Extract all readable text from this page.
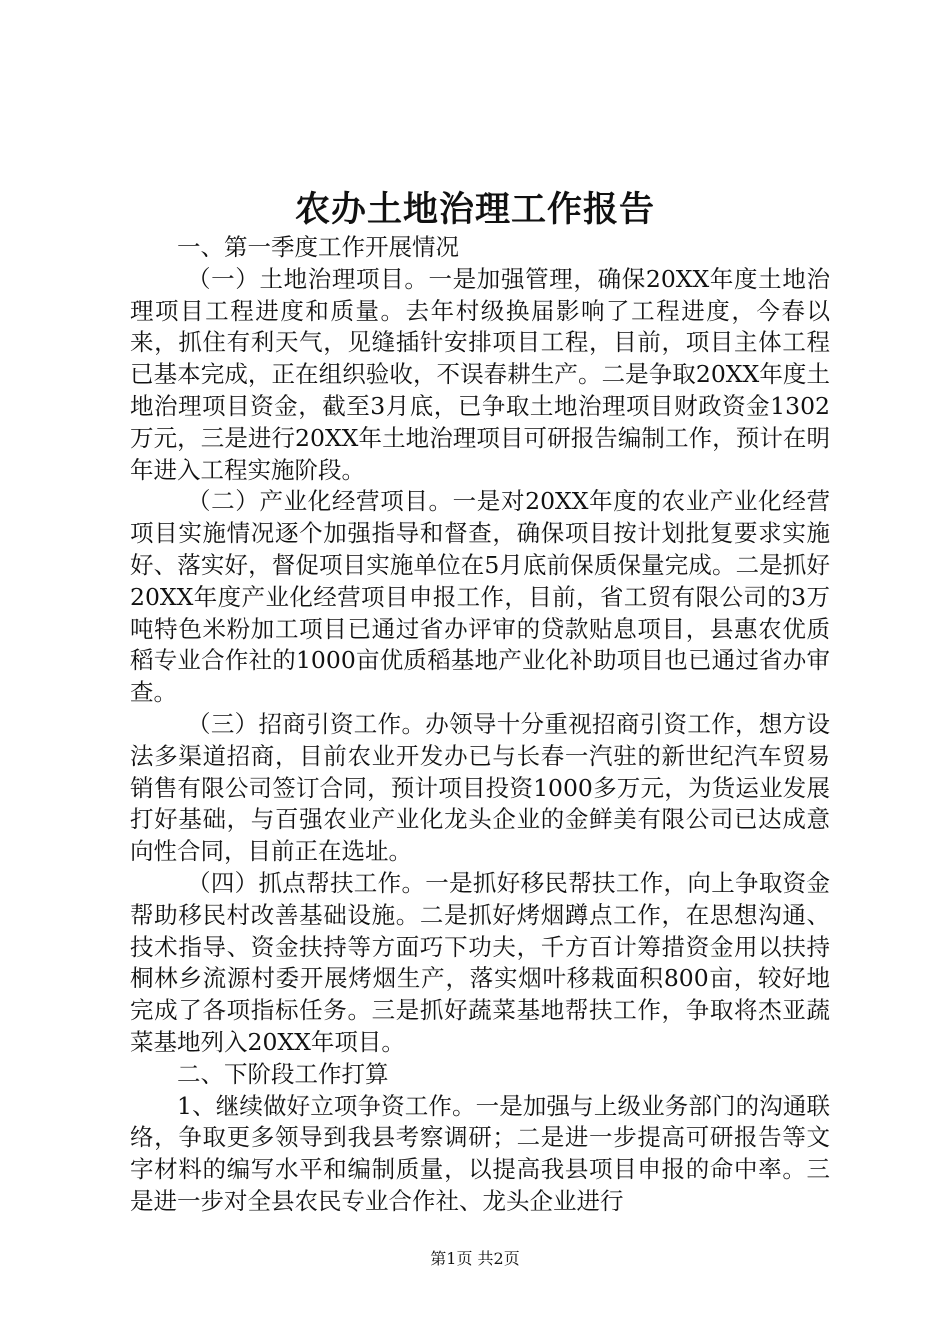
农办土地治理工作报告

一、第一季度工作开展情况

（一）土地治理项目。一是加强管理，确保20XX年度土地治理项目工程进度和质量。去年村级换届影响了工程进度，今春以来，抓住有利天气，见缝插针安排项目工程，目前，项目主体工程已基本完成，正在组织验收，不误春耕生产。二是争取20XX年度土地治理项目资金，截至3月底，已争取土地治理项目财政资金1302万元，三是进行20XX年土地治理项目可研报告编制工作，预计在明年进入工程实施阶段。

（二）产业化经营项目。一是对20XX年度的农业产业化经营项目实施情况逐个加强指导和督查，确保项目按计划批复要求实施好、落实好，督促项目实施单位在5月底前保质保量完成。二是抓好20XX年度产业化经营项目申报工作，目前，省工贸有限公司的3万吨特色米粉加工项目已通过省办评审的贷款贴息项目，县惠农优质稻专业合作社的1000亩优质稻基地产业化补助项目也已通过省办审查。

（三）招商引资工作。办领导十分重视招商引资工作，想方设法多渠道招商，目前农业开发办已与长春一汽驻的新世纪汽车贸易销售有限公司签订合同，预计项目投资1000多万元，为货运业发展打好基础，与百强农业产业化龙头企业的金鲜美有限公司已达成意向性合同，目前正在选址。

（四）抓点帮扶工作。一是抓好移民帮扶工作，向上争取资金帮助移民村改善基础设施。二是抓好烤烟蹲点工作，在思想沟通、技术指导、资金扶持等方面巧下功夫，千方百计筹措资金用以扶持桐林乡流源村委开展烤烟生产，落实烟叶移栽面积800亩，较好地完成了各项指标任务。三是抓好蔬菜基地帮扶工作，争取将杰亚蔬菜基地列入20XX年项目。

二、下阶段工作打算

1、继续做好立项争资工作。一是加强与上级业务部门的沟通联络，争取更多领导到我县考察调研；二是进一步提高可研报告等文字材料的编写水平和编制质量，以提高我县项目申报的命中率。三是进一步对全县农民专业合作社、龙头企业进行

第1页 共2页
